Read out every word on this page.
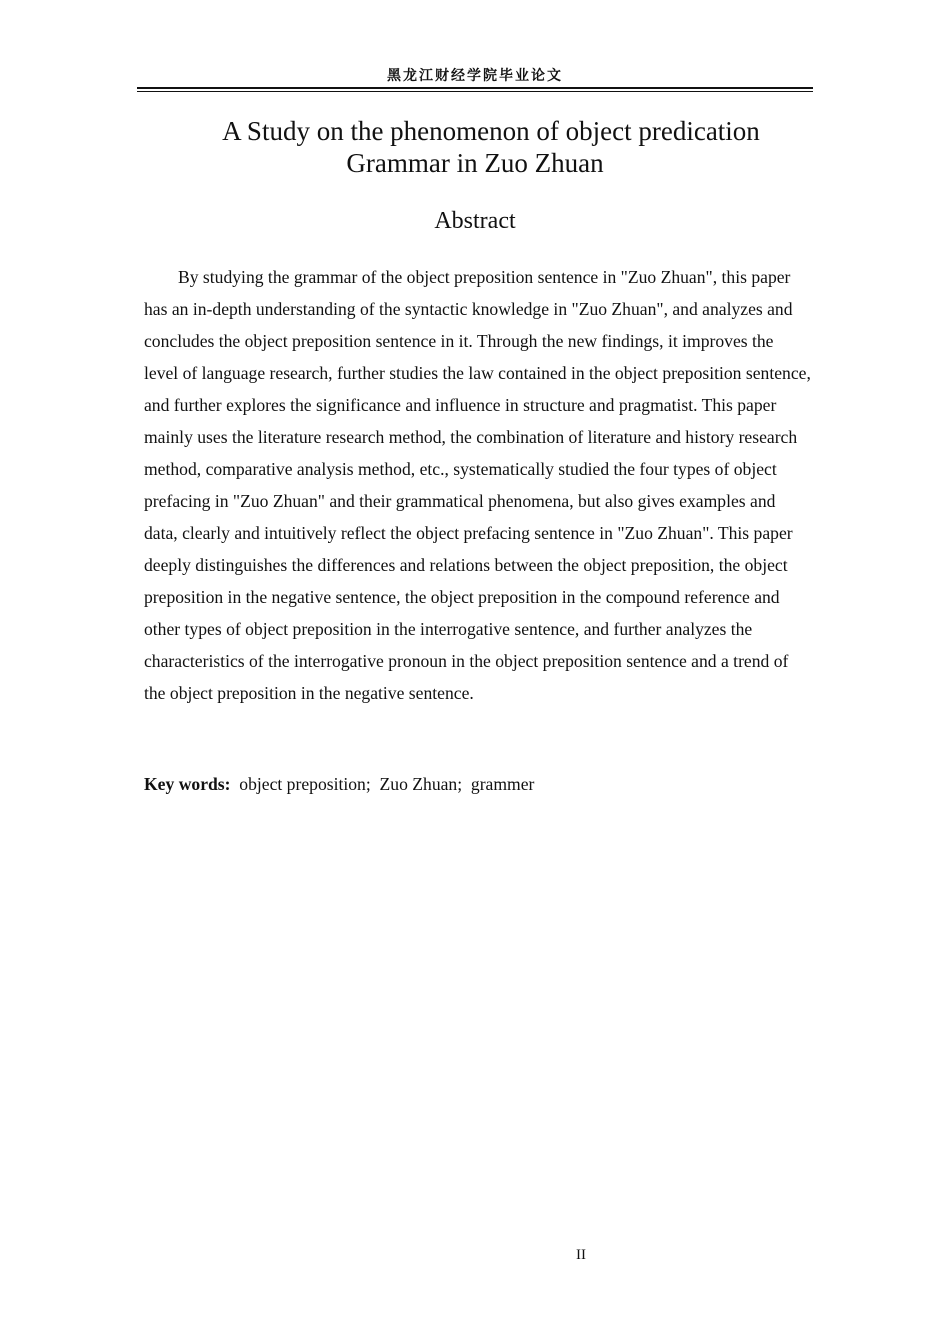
黑龙江财经学院毕业论文
A Study on the phenomenon of object predication
Grammar in Zuo Zhuan
Abstract

By studying the grammar of the object preposition sentence in "Zuo Zhuan", this paper has an in-depth understanding of the syntactic knowledge in "Zuo Zhuan", and analyzes and concludes the object preposition sentence in it. Through the new findings, it improves the level of language research, further studies the law contained in the object preposition sentence, and further explores the significance and influence in structure and pragmatist. This paper mainly uses the literature research method, the combination of literature and history research method, comparative analysis method, etc., systematically studied the four types of object prefacing in "Zuo Zhuan" and their grammatical phenomena, but also gives examples and data, clearly and intuitively reflect the object prefacing sentence in "Zuo Zhuan". This paper deeply distinguishes the differences and relations between the object preposition, the object preposition in the negative sentence, the object preposition in the compound reference and other types of object preposition in the interrogative sentence, and further analyzes the characteristics of the interrogative pronoun in the object preposition sentence and a trend of the object preposition in the negative sentence.

Key words:  object preposition;  Zuo Zhuan;  grammer

II
